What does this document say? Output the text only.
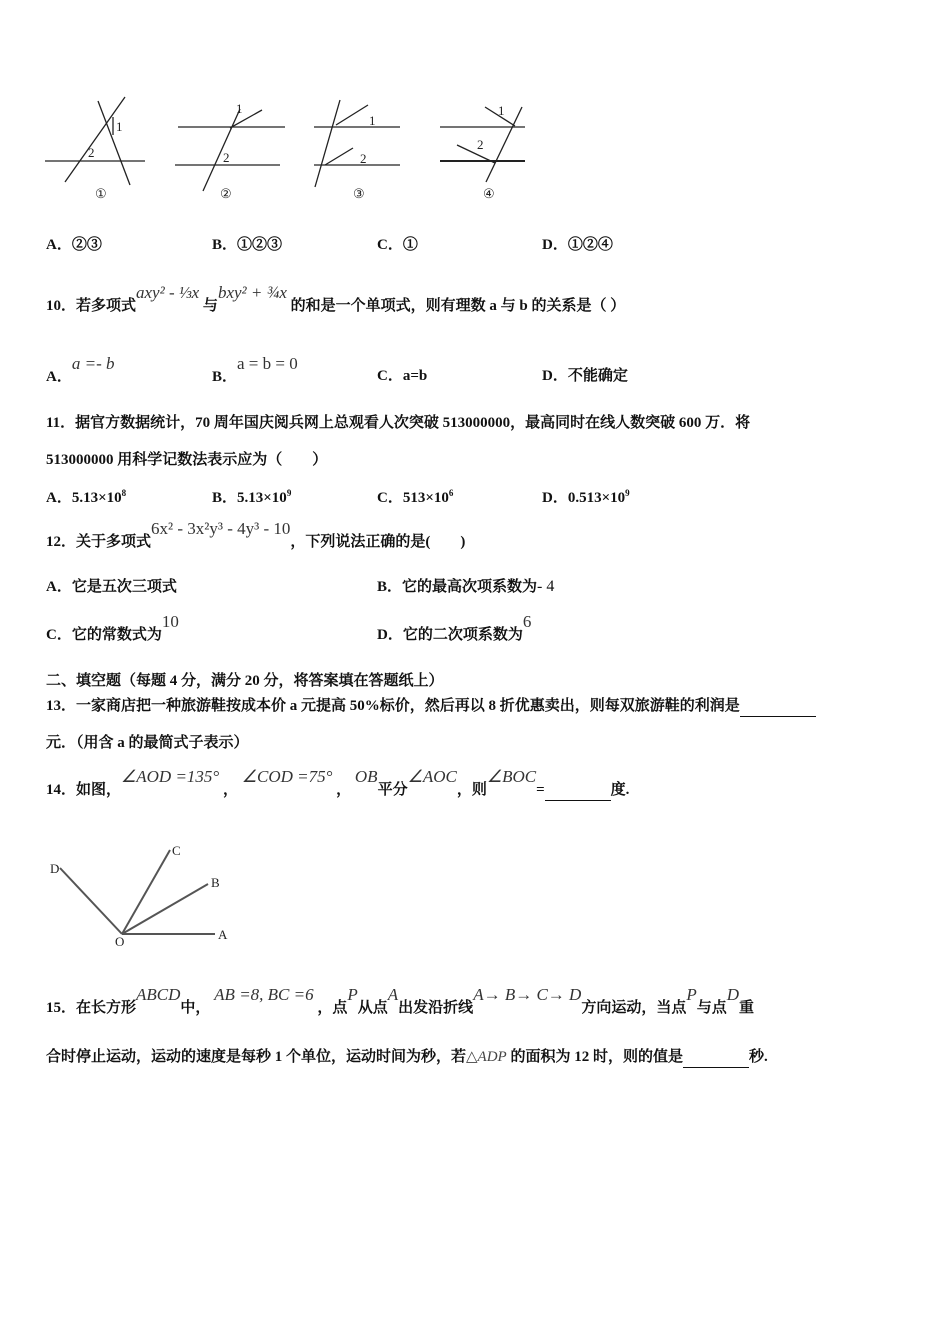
1
2
①
1
2
②
1
2
③
1
2
④
A．②③	B．①②③	C．①	D．①②④
10．若多项式axy² - ⅓x 与bxy² + ¾x 的和是一个单项式，则有理数 a 与 b 的关系是（ ）
A．a =- b
B．a = b = 0
C．a=b	D．不能确定
11．据官方数据统计，70 周年国庆阅兵网上总观看人次突破 513000000，最高同时在线人数突破 600 万．将
513000000 用科学记数法表示应为（　　）
A．$5.13\times 10^8$	B．$5.13\times 10^9$	C．$513\times 10^6$	D．$0.513\times 10^9$
12．关于多项式6x² - 3x²y³ - 4y³ - 10，下列说法正确的是(　　)
A．它是五次三项式	B．它的最高次项系数为- 4
C．它的常数式为10
D．它的二次项系数为6
二、填空题（每题 4 分，满分 20 分，将答案填在答题纸上）
13．一家商店把一种旅游鞋按成本价 a 元提高 50%标价，然后再以 8 折优惠卖出，则每双旅游鞋的利润是
元．（用含 a 的最简式子表示）
14．如图，∠AOD =135° ， ∠COD =75° ， OB平分∠AOC，则∠BOC=	度.
D
C
B
O	A
15．在长方形ABCD中， AB =8, BC =6 ，点P从点A出发沿折线A→ B→ C→ D方向运动，当点P与点D重
合时停止运动，运动的速度是每秒 1 个单位，运动时间为秒，若△ADP 的面积为 12 时，则的值是	秒.
